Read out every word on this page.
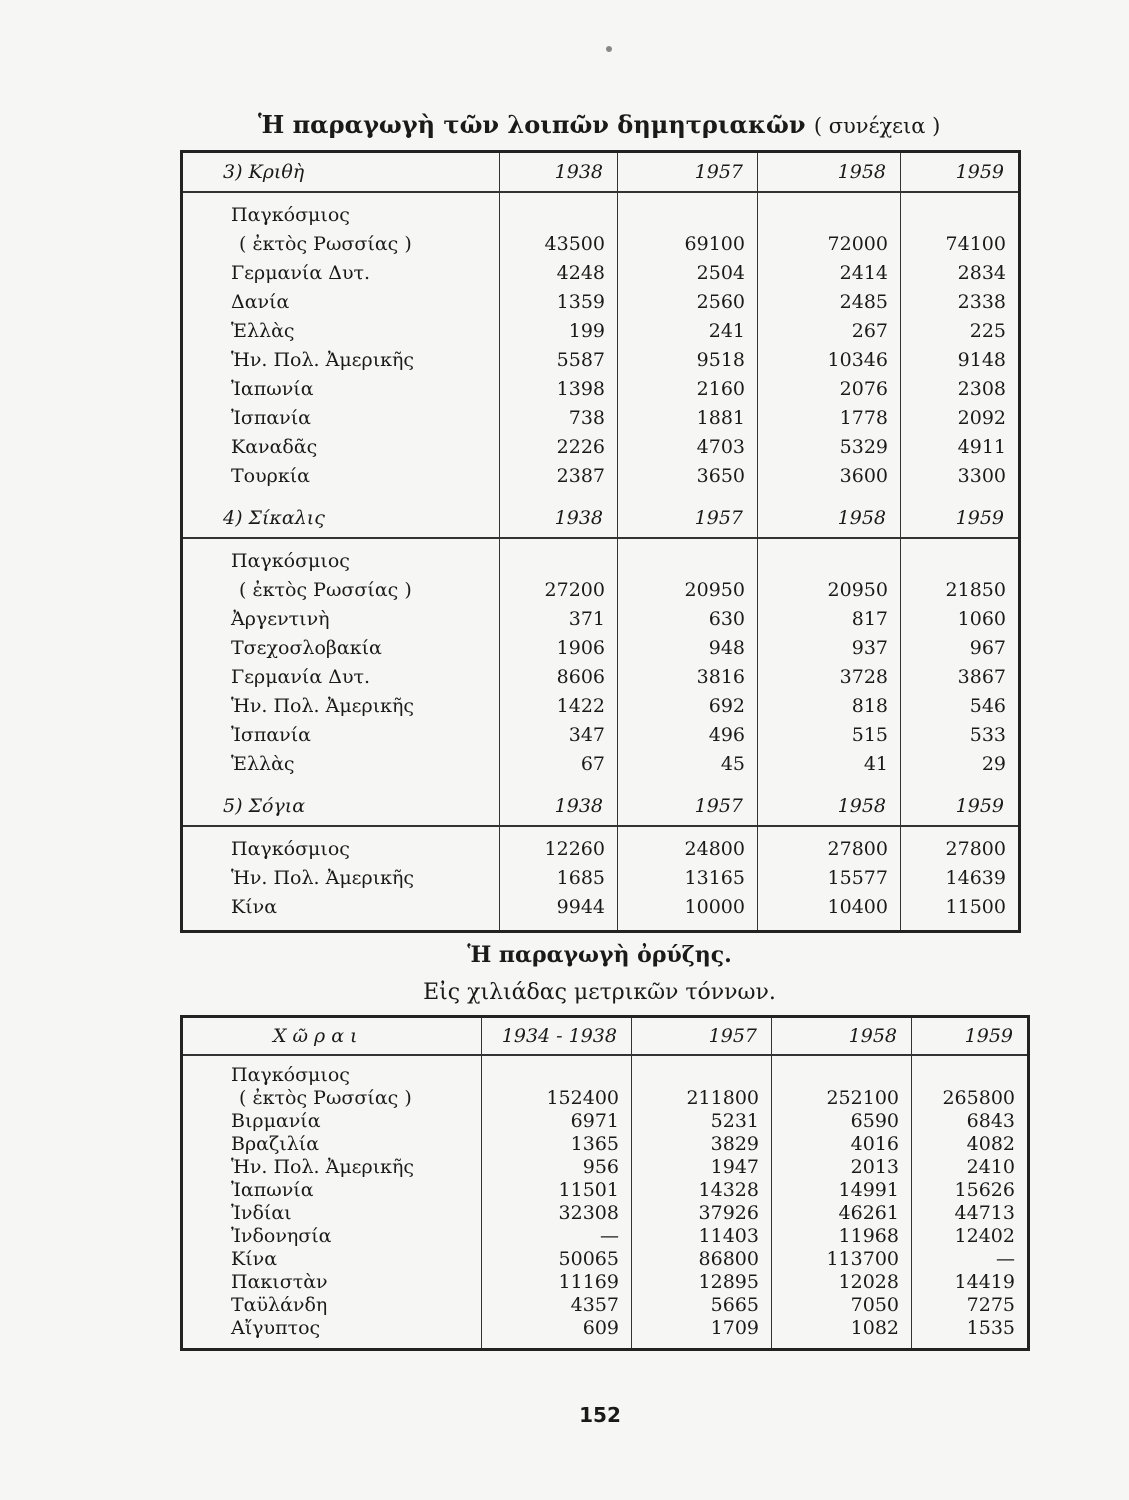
Ἡ παραγωγὴ τῶν λοιπῶν δημητριακῶν ( συνέχεια )
3) Κριθὴ	1938	1957	1958	1959
Παγκόσμιος				
( ἐκτὸς Ρωσσίας )	43500	69100	72000	74100
Γερμανία Δυτ.	4248	2504	2414	2834
Δανία	1359	2560	2485	2338
Ἑλλὰς	199	241	267	225
Ἡν. Πολ. Ἀμερικῆς	5587	9518	10346	9148
Ἰαπωνία	1398	2160	2076	2308
Ἰσπανία	738	1881	1778	2092
Καναδᾶς	2226	4703	5329	4911
Τουρκία	2387	3650	3600	3300
4) Σίκαλις	1938	1957	1958	1959
Παγκόσμιος				
( ἐκτὸς Ρωσσίας )	27200	20950	20950	21850
Ἀργεντινὴ	371	630	817	1060
Τσεχοσλοβακία	1906	948	937	967
Γερμανία Δυτ.	8606	3816	3728	3867
Ἡν. Πολ. Ἀμερικῆς	1422	692	818	546
Ἰσπανία	347	496	515	533
Ἑλλὰς	67	45	41	29
5) Σόγια	1938	1957	1958	1959
Παγκόσμιος	12260	24800	27800	27800
Ἡν. Πολ. Ἀμερικῆς	1685	13165	15577	14639
Κίνα	9944	10000	10400	11500
Ἡ παραγωγὴ ὀρύζης.
Εἰς χιλιάδας μετρικῶν τόννων.
Χῶραι	1934 - 1938	1957	1958	1959
Παγκόσμιος				
( ἐκτὸς Ρωσσίας )	152400	211800	252100	265800
Βιρμανία	6971	5231	6590	6843
Βραζιλία	1365	3829	4016	4082
Ἡν. Πολ. Ἀμερικῆς	956	1947	2013	2410
Ἰαπωνία	11501	14328	14991	15626
Ἰνδίαι	32308	37926	46261	44713
Ἰνδονησία	—	11403	11968	12402
Κίνα	50065	86800	113700	—
Πακιστὰν	11169	12895	12028	14419
Ταϋλάνδη	4357	5665	7050	7275
Αἴγυπτος	609	1709	1082	1535
152
